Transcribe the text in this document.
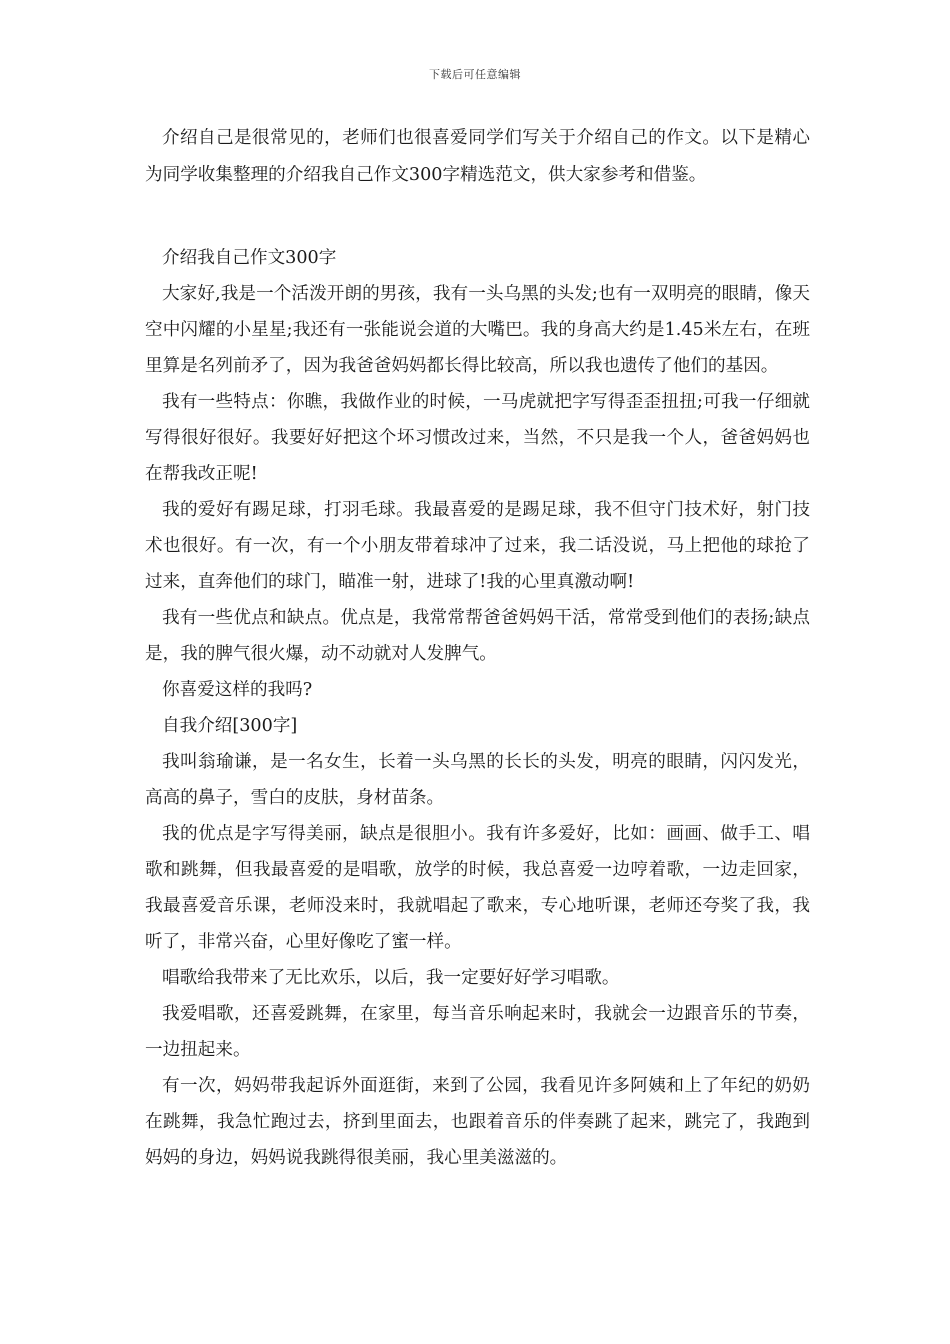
下载后可任意编辑

介绍自己是很常见的，老师们也很喜爱同学们写关于介绍自己的作文。以下是精心为同学收集整理的介绍我自己作文300字精选范文，供大家参考和借鉴。

介绍我自己作文300字

大家好,我是一个活泼开朗的男孩，我有一头乌黑的头发;也有一双明亮的眼睛，像天空中闪耀的小星星;我还有一张能说会道的大嘴巴。我的身高大约是1.45米左右，在班里算是名列前矛了，因为我爸爸妈妈都长得比较高，所以我也遗传了他们的基因。

我有一些特点：你瞧，我做作业的时候，一马虎就把字写得歪歪扭扭;可我一仔细就写得很好很好。我要好好把这个坏习惯改过来，当然，不只是我一个人，爸爸妈妈也在帮我改正呢!

我的爱好有踢足球，打羽毛球。我最喜爱的是踢足球，我不但守门技术好，射门技术也很好。有一次，有一个小朋友带着球冲了过来，我二话没说，马上把他的球抢了过来，直奔他们的球门，瞄准一射，进球了!我的心里真激动啊!

我有一些优点和缺点。优点是，我常常帮爸爸妈妈干活，常常受到他们的表扬;缺点是，我的脾气很火爆，动不动就对人发脾气。

你喜爱这样的我吗?

自我介绍[300字]

我叫翁瑜谦，是一名女生，长着一头乌黑的长长的头发，明亮的眼睛，闪闪发光，高高的鼻子，雪白的皮肤，身材苗条。

我的优点是字写得美丽，缺点是很胆小。我有许多爱好，比如：画画、做手工、唱歌和跳舞，但我最喜爱的是唱歌，放学的时候，我总喜爱一边哼着歌，一边走回家，我最喜爱音乐课，老师没来时，我就唱起了歌来，专心地听课，老师还夸奖了我，我听了，非常兴奋，心里好像吃了蜜一样。

唱歌给我带来了无比欢乐，以后，我一定要好好学习唱歌。

我爱唱歌，还喜爱跳舞，在家里，每当音乐响起来时，我就会一边跟音乐的节奏，一边扭起来。

有一次，妈妈带我起诉外面逛街，来到了公园，我看见许多阿姨和上了年纪的奶奶在跳舞，我急忙跑过去，挤到里面去，也跟着音乐的伴奏跳了起来，跳完了，我跑到妈妈的身边，妈妈说我跳得很美丽，我心里美滋滋的。
